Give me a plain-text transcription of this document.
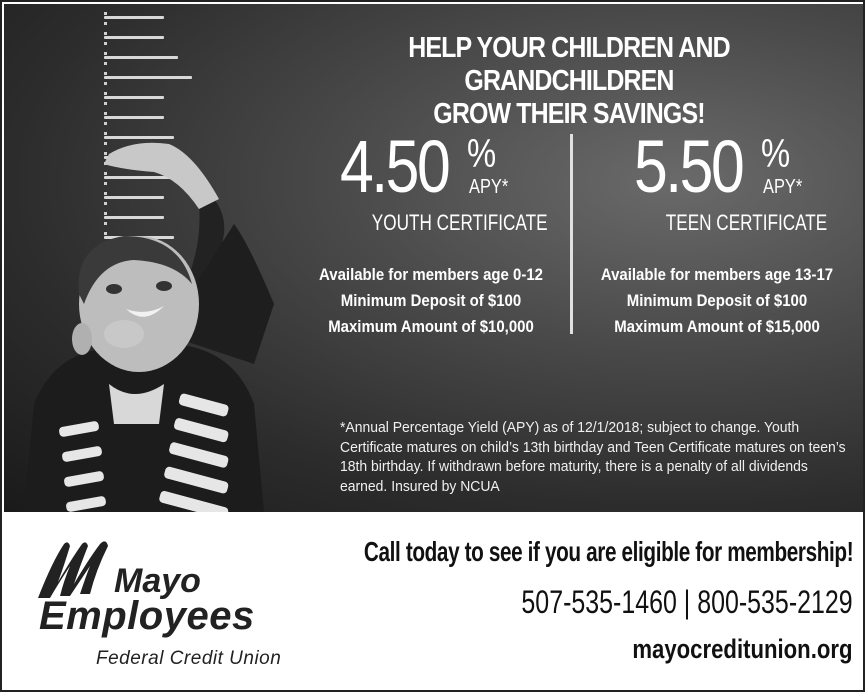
HELP YOUR CHILDREN AND GRANDCHILDREN
GROW THEIR SAVINGS!
4.50 %
APY*
YOUTH CERTIFICATE
Available for members age 0-12
Minimum Deposit of $100
Maximum Amount of $10,000
5.50 %
APY*
TEEN CERTIFICATE
Available for members age 13-17
Minimum Deposit of $100
Maximum Amount of $15,000
*Annual Percentage Yield (APY) as of 12/1/2018; subject to change. Youth Certificate matures on child’s 13th birthday and Teen Certificate matures on teen’s 18th birthday. If withdrawn before maturity, there is a penalty of all dividends earned. Insured by NCUA
Mayo
Employees
Federal Credit Union
Call today to see if you are eligible for membership!
507-535-1460 | 800-535-2129
mayocreditunion.org
